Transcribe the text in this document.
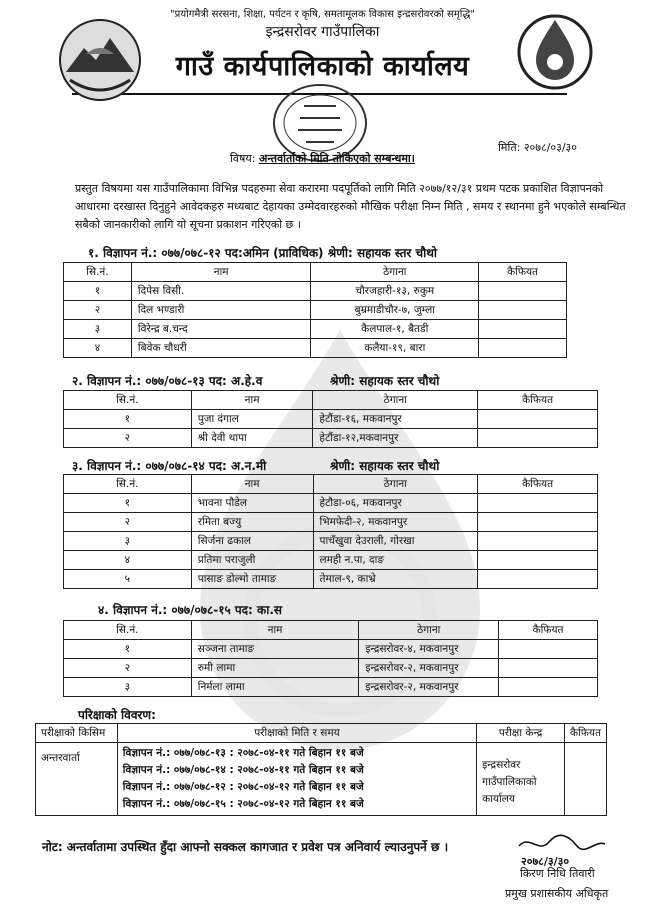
"प्रयोगमैत्री सरसना, शिक्षा, पर्यटन र कृषि, समतामूलक विकास इन्द्रसरोवरको समृद्धि"
इन्द्रसरोवर गाउँपालिका
गाउँ कार्यपालिकाको कार्यालय
मिति: २०७८/०३/३०
विषय: अन्तर्वार्ताको मिति तोकिएको सम्बन्धमा।
प्रस्तुत विषयमा यस गाउँपालिकामा विभिन्न पदहरुमा सेवा करारमा पदपूर्तिको लागि मिति २०७७/१२/३१ प्रथम पटक प्रकाशित विज्ञापनको आधारमा दरखास्त दिनुहुने आवेदकहरु मध्यबाट देहायका उम्मेदवारहरुको मौखिक परीक्षा निम्न मिति , समय र स्थानमा हुने भएकोले सम्बन्धित सबैको जानकारीको लागि यो सूचना प्रकाशन गरिएको छ ।
१. विज्ञापन नं.: ०७७/०७८-१२ पद:अमिन (प्राविधिक) श्रेणी: सहायक स्तर चौथो
सि.नं.	नाम	ठेगाना	कैफियत
१	दिपेस विसी.	चौरजहारी-१३, रुकुम	
२	दिल भण्डारी	बुम्रमाडीचौर-७, जुम्ला	
३	विरेन्द्र ब.चन्द	कैलपाल-१, बैतडी	
४	बिवेक चौधरी	कलैया-१९, बारा	
२. विज्ञापन नं.: ०७७/०७८-१३ पद: अ.हे.व	श्रेणी: सहायक स्तर चौथो
सि.नं.	नाम	ठेगाना	कैफियत
१	पुजा दंगाल	हेटौंडा-१६, मकवानपुर	
२	श्री देवी थापा	हेटौंडा-१२,मकवानपुर	
३. विज्ञापन नं.: ०७७/०७८-१४ पद: अ.न.मी	श्रेणी: सहायक स्तर चौथो
सि.नं.	नाम	ठेगाना	कैफियत
१	भावना पौडेल	हेटौडा-०६, मकवानपुर	
२	रमिता बज्यु	भिमफेदी-२, मकवानपुर	
३	सिर्जना ढकाल	पाचँखुवा देउराली, गोरखा	
४	प्रतिमा पराजुली	लमही न.पा, दाङ	
५	पासाङ डोल्मो तामाङ	तेमाल-९, काभ्रे	
४. विज्ञापन नं.: ०७७/०७८-१५ पद: का.स
सि.नं.	नाम	ठेगाना	कैफियत
१	सञ्जना तामाङ	इन्द्रसरोवर-४, मकवानपुर	
२	रुमी लामा	इन्द्रसरोवर-२, मकवानपुर	
३	निर्मला लामा	इन्द्रसरोवर-२, मकवानपुर	
परिक्षाको विवरण:
परीक्षाको किसिम	परीक्षाको मिति र समय	परीक्षा केन्द्र	कैफियत
अन्तरवार्ता	विज्ञापन नं.: ०७७/०७८-१३ : २०७८-०४-११ गते बिहान ११ बजे
विज्ञापन नं.: ०७७/०७८-१४ : २०७८-०४-११ गते बिहान ११ बजे
विज्ञापन नं.: ०७७/०७८-१२ : २०७८-०४-१२ गते बिहान ११ बजे
विज्ञापन नं.: ०७७/०७८-१५ : २०७८-०४-१२ गते बिहान ११ बजे	इन्द्रसरोवर गाउँपालिकाको कार्यालय	
नोट: अन्तर्वातामा उपस्थित हुँदा आफ्नो सक्कल कागजात र प्रवेश पत्र अनिवार्य ल्याउनुपर्ने छ ।
२०७८/३/३०
किरण निधि तिवारी
प्रमुख प्रशासकीय अधिकृत
